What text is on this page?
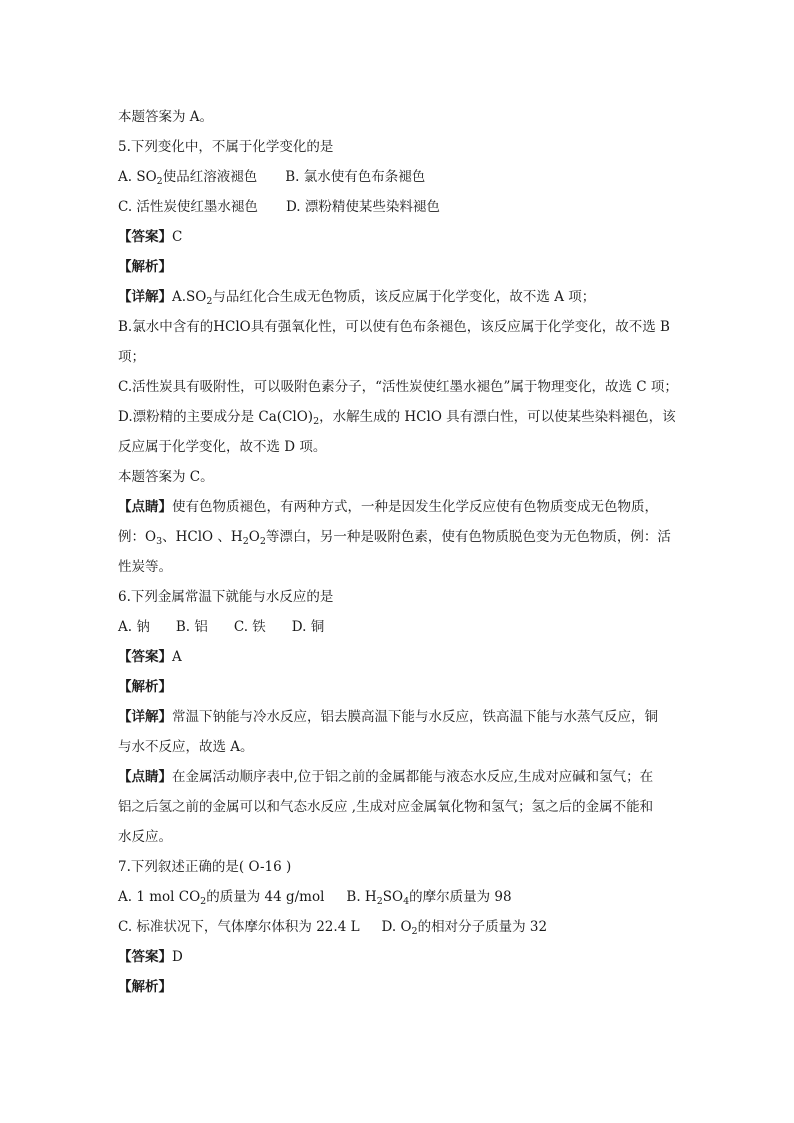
本题答案为 A。

5.下列变化中，不属于化学变化的是

A. $SO_2$使品红溶液褪色 B. 氯水使有色布条褪色

C. 活性炭使红墨水褪色 D. 漂粉精使某些染料褪色

【答案】C

【解析】

【详解】$A.SO_2$与品红化合生成无色物质，该反应属于化学变化，故不选 A 项；

B.氯水中含有的HClO具有强氧化性，可以使有色布条褪色，该反应属于化学变化，故不选 B

项；

C.活性炭具有吸附性，可以吸附色素分子，“活性炭使红墨水褪色”属于物理变化，故选 C 项；

D.漂粉精的主要成分是 $Ca(ClO)_2$，水解生成的 HClO 具有漂白性，可以使某些染料褪色，该

反应属于化学变化，故不选 D 项。

本题答案为 C。

【点睛】使有色物质褪色，有两种方式，一种是因发生化学反应使有色物质变成无色物质，

例：$O_3$、HClO 、$H_2O_2$等漂白，另一种是吸附色素，使有色物质脱色变为无色物质，例：活

性炭等。

6.下列金属常温下就能与水反应的是

A. 钠 B. 铝 C. 铁 D. 铜

【答案】A

【解析】

【详解】常温下钠能与冷水反应，铝去膜高温下能与水反应，铁高温下能与水蒸气反应，铜

与水不反应，故选 A。

【点睛】在金属活动顺序表中,位于铝之前的金属都能与液态水反应,生成对应碱和氢气；在

铝之后氢之前的金属可以和气态水反应 ,生成对应金属氧化物和氢气；氢之后的金属不能和

水反应。

7.下列叙述正确的是( O-16 )

A. 1 mol $CO_2$的质量为 44 g/mol B. $H_2SO_4$的摩尔质量为 98

C. 标准状况下，气体摩尔体积为 22.4 L D. $O_2$的相对分子质量为 32

【答案】D

【解析】
